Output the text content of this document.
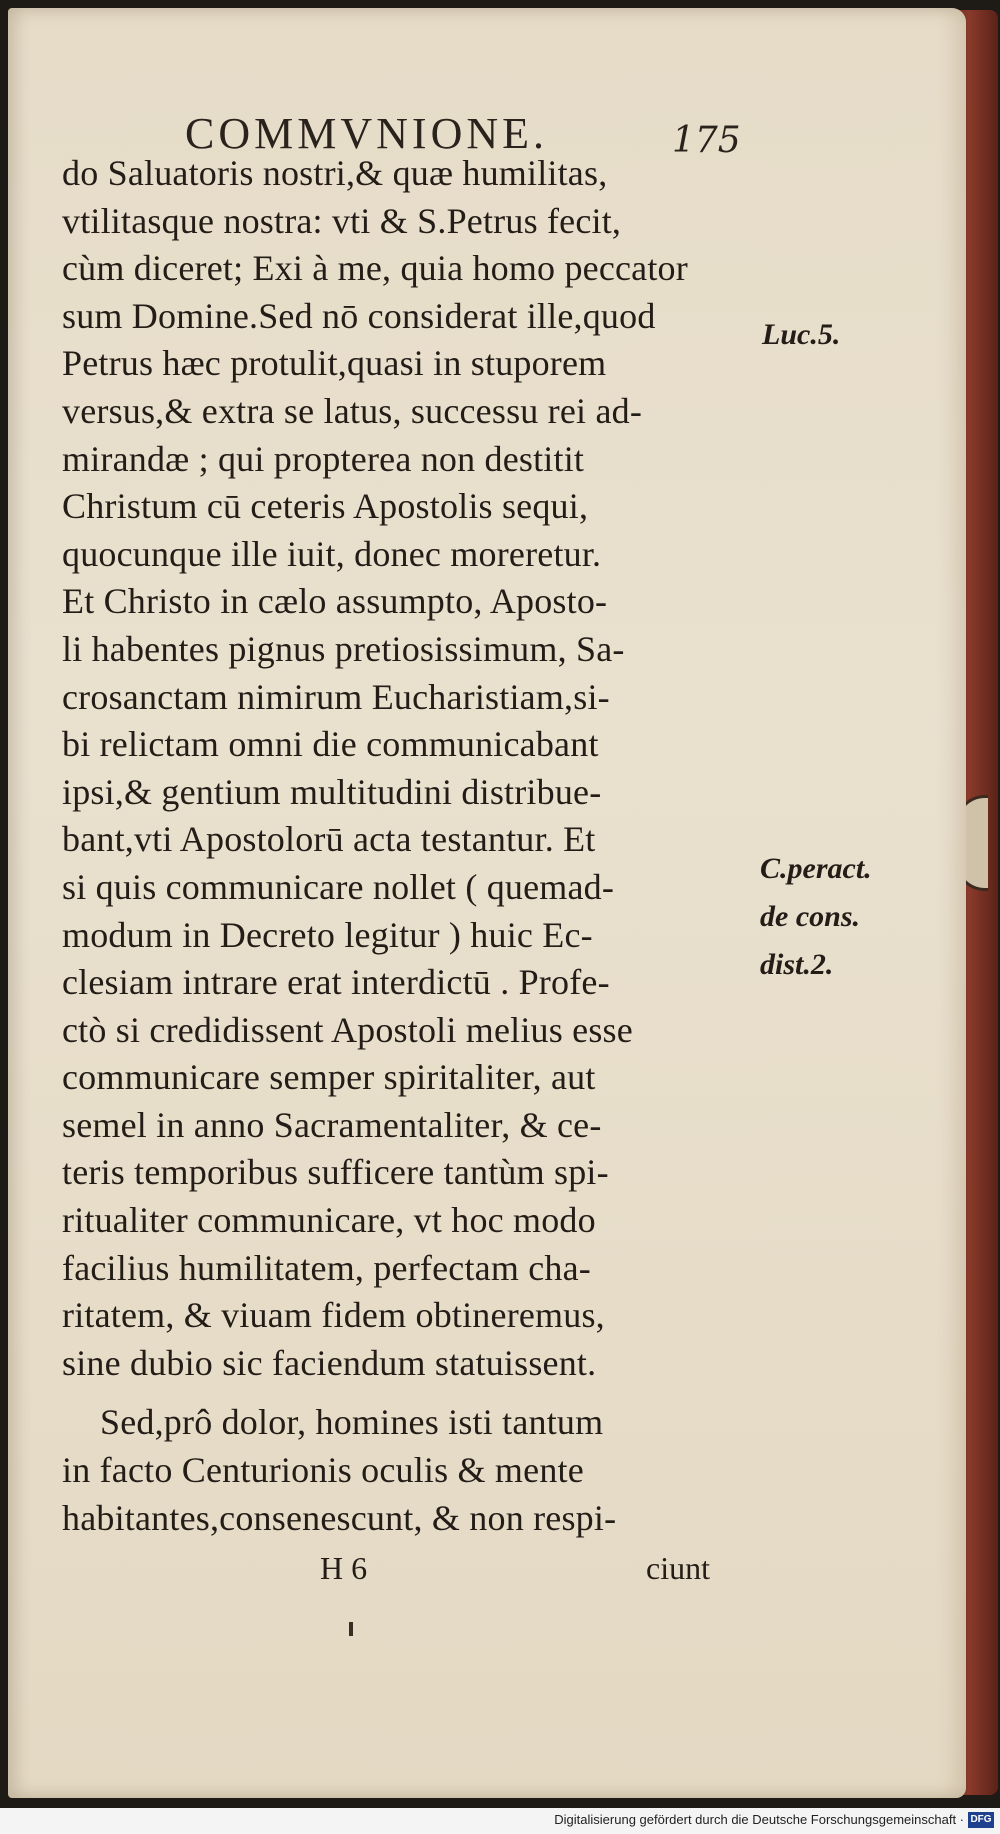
COMMVNIONE.	175
do Saluatoris nostri,& quæ humilitas,
vtilitasque nostra: vti & S.Petrus fecit,
cùm diceret; Exi à me, quia homo peccator
sum Domine.Sed nō considerat ille,quod
Petrus hæc protulit,quasi in stuporem
versus,& extra se latus, successu rei ad-
mirandæ ; qui propterea non destitit
Christum cū ceteris Apostolis sequi,
quocunque ille iuit, donec moreretur.
Et Christo in cælo assumpto, Aposto-
li habentes pignus pretiosissimum, Sa-
crosanctam nimirum Eucharistiam,si-
bi relictam omni die communicabant
ipsi,& gentium multitudini distribue-
bant,vti Apostolorū acta testantur. Et
si quis communicare nollet ( quemad-
modum in Decreto legitur ) huic Ec-
clesiam intrare erat interdictū . Profe-
ctò si credidissent Apostoli melius esse
communicare semper spiritaliter, aut
semel in anno Sacramentaliter, & ce-
teris temporibus sufficere tantùm spi-
ritualiter communicare, vt hoc modo
facilius humilitatem, perfectam cha-
ritatem, & viuam fidem obtineremus,
sine dubio sic faciendum statuissent.
Sed,prô dolor, homines isti tantum
in facto Centurionis oculis & mente
habitantes,consenescunt, & non respi-
Luc.5.
C.peract.
de cons.
dist.2.
H 6	ciunt
Digitalisierung gefördert durch die Deutsche Forschungsgemeinschaft · DFG
